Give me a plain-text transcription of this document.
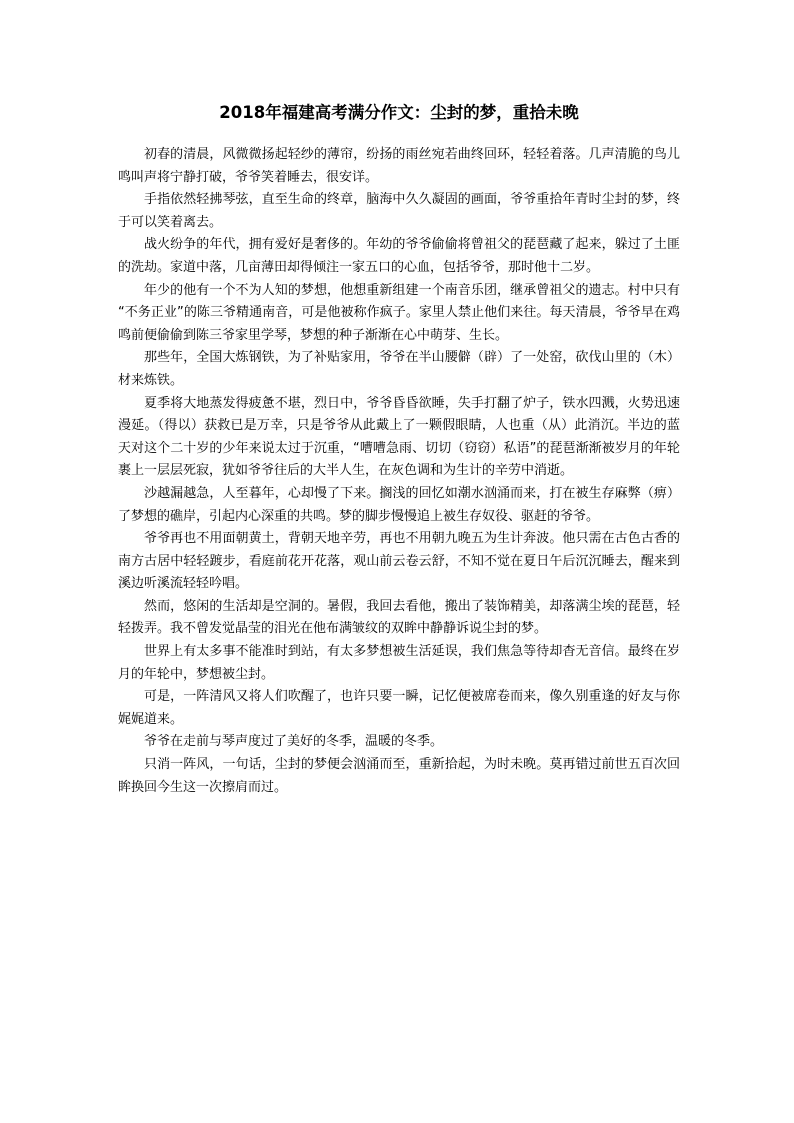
2018年福建高考满分作文：尘封的梦，重拾未晚

初春的清晨，风微微扬起轻纱的薄帘，纷扬的雨丝宛若曲终回环，轻轻着落。几声清脆的鸟儿鸣叫声将宁静打破，爷爷笑着睡去，很安详。

手指依然轻拂琴弦，直至生命的终章，脑海中久久凝固的画面，爷爷重拾年青时尘封的梦，终于可以笑着离去。

战火纷争的年代，拥有爱好是奢侈的。年幼的爷爷偷偷将曾祖父的琵琶藏了起来，躲过了土匪的洗劫。家道中落，几亩薄田却得倾注一家五口的心血，包括爷爷，那时他十二岁。

年少的他有一个不为人知的梦想，他想重新组建一个南音乐团，继承曾祖父的遗志。村中只有“不务正业”的陈三爷精通南音，可是他被称作疯子。家里人禁止他们来往。每天清晨，爷爷早在鸡鸣前便偷偷到陈三爷家里学琴，梦想的种子渐渐在心中萌芽、生长。

那些年，全国大炼钢铁，为了补贴家用，爷爷在半山腰僻（辟）了一处窑，砍伐山里的（木）材来炼铁。

夏季将大地蒸发得疲惫不堪，烈日中，爷爷昏昏欲睡，失手打翻了炉子，铁水四溅，火势迅速漫延。（得以）获救已是万幸，只是爷爷从此戴上了一颗假眼睛，人也重（从）此消沉。半边的蓝天对这个二十岁的少年来说太过于沉重，“嘈嘈急雨、切切（窃窃）私语”的琵琶渐渐被岁月的年轮裹上一层层死寂，犹如爷爷往后的大半人生，在灰色调和为生计的辛劳中消逝。

沙越漏越急，人至暮年，心却慢了下来。搁浅的回忆如潮水汹涌而来，打在被生存麻弊（痹）了梦想的礁岸，引起内心深重的共鸣。梦的脚步慢慢追上被生存奴役、驱赶的爷爷。

爷爷再也不用面朝黄土，背朝天地辛劳，再也不用朝九晚五为生计奔波。他只需在古色古香的南方古居中轻轻踱步，看庭前花开花落，观山前云卷云舒，不知不觉在夏日午后沉沉睡去，醒来到溪边听溪流轻轻吟唱。

然而，悠闲的生活却是空洞的。暑假，我回去看他，搬出了装饰精美，却落满尘埃的琵琶，轻轻拨弄。我不曾发觉晶莹的泪光在他布满皱纹的双眸中静静诉说尘封的梦。

世界上有太多事不能准时到站，有太多梦想被生活延误，我们焦急等待却杳无音信。最终在岁月的年轮中，梦想被尘封。

可是，一阵清风又将人们吹醒了，也许只要一瞬，记忆便被席卷而来，像久别重逢的好友与你娓娓道来。

爷爷在走前与琴声度过了美好的冬季，温暖的冬季。

只消一阵风，一句话，尘封的梦便会汹涌而至，重新拾起，为时未晚。莫再错过前世五百次回眸换回今生这一次擦肩而过。
